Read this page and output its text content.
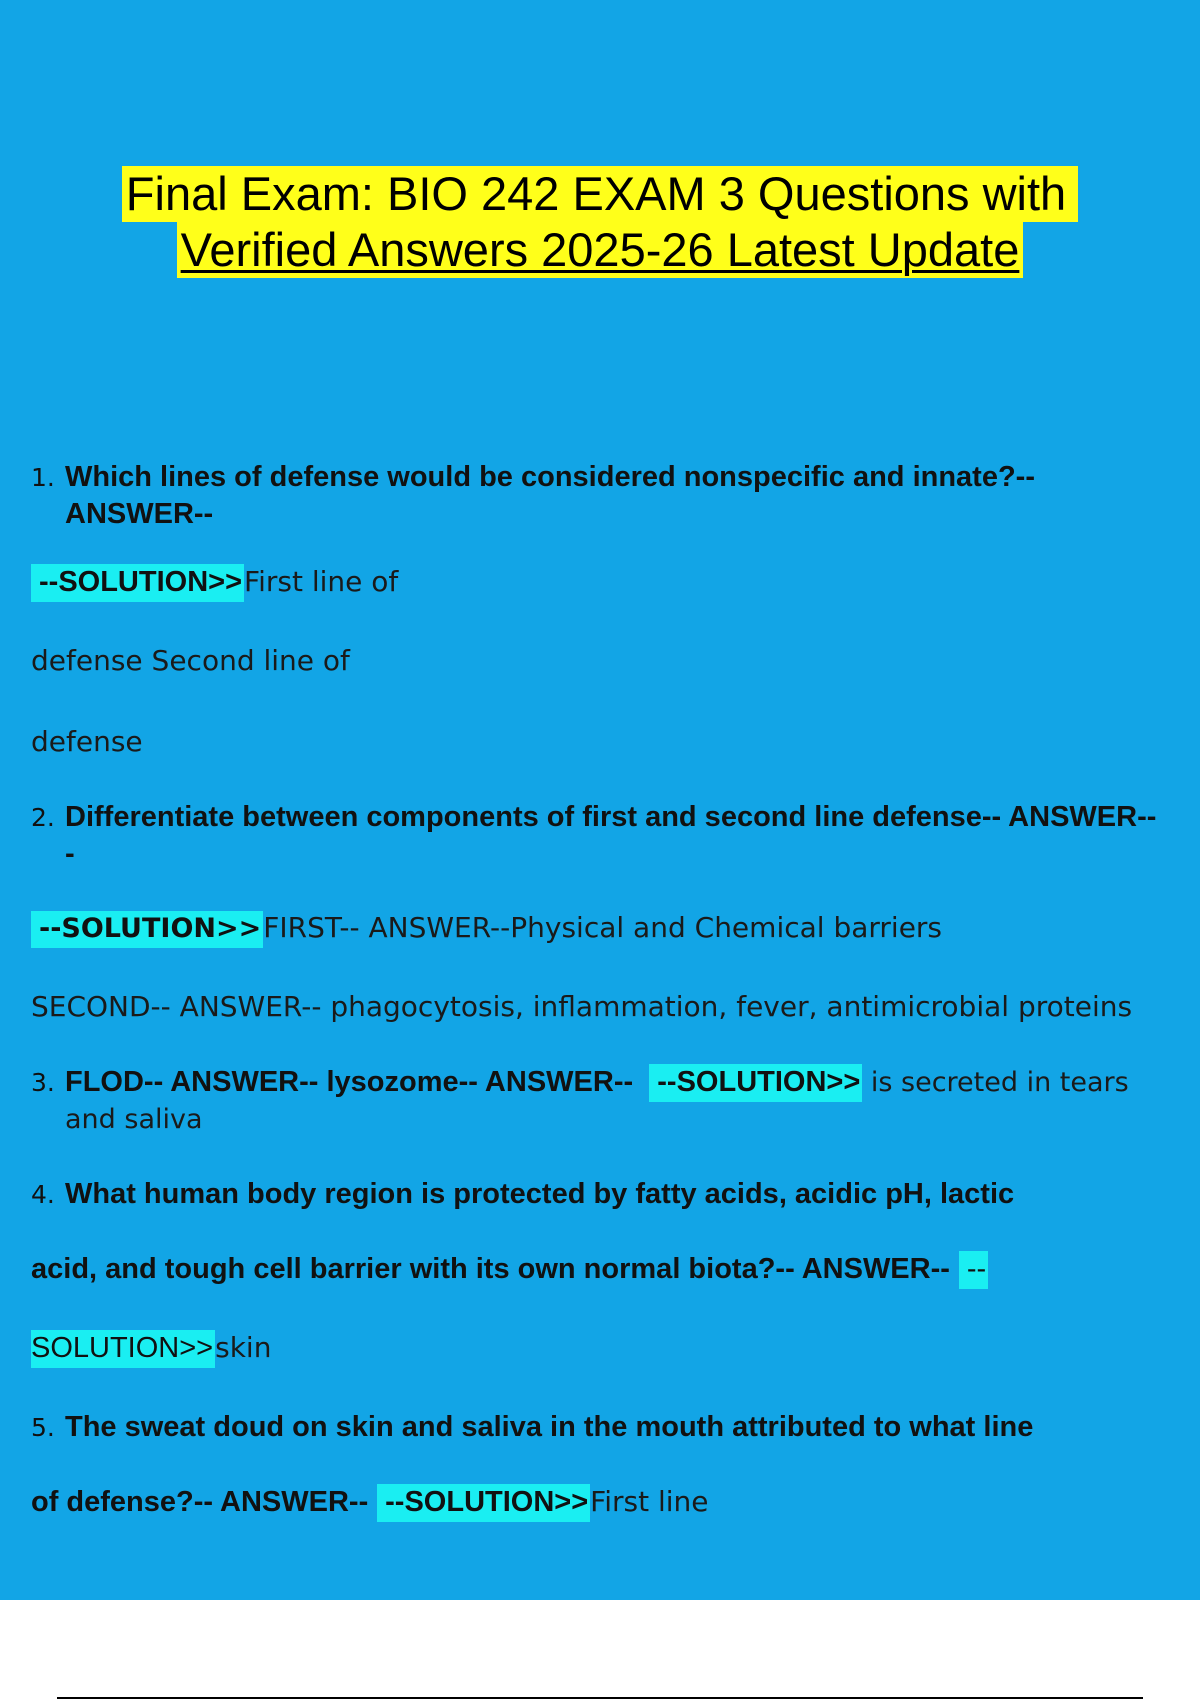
Final Exam: BIO 242 EXAM 3 Questions with
Verified Answers 2025-26 Latest Update

1. Which lines of defense would be considered nonspecific and innate?-- ANSWER--

--SOLUTION>>First line of

defense Second line of

defense

2. Differentiate between components of first and second line defense-- ANSWER-- -

--SOLUTION>>FIRST-- ANSWER--Physical and Chemical barriers

SECOND-- ANSWER-- phagocytosis, inflammation, fever, antimicrobial proteins

3. FLOD-- ANSWER-- lysozome-- ANSWER-- --SOLUTION>> is secreted in tears and saliva

4. What human body region is protected by fatty acids, acidic pH, lactic

acid, and tough cell barrier with its own normal biota?-- ANSWER-- --

SOLUTION>>skin

5. The sweat doud on skin and saliva in the mouth attributed to what line

of defense?-- ANSWER-- --SOLUTION>>First line
